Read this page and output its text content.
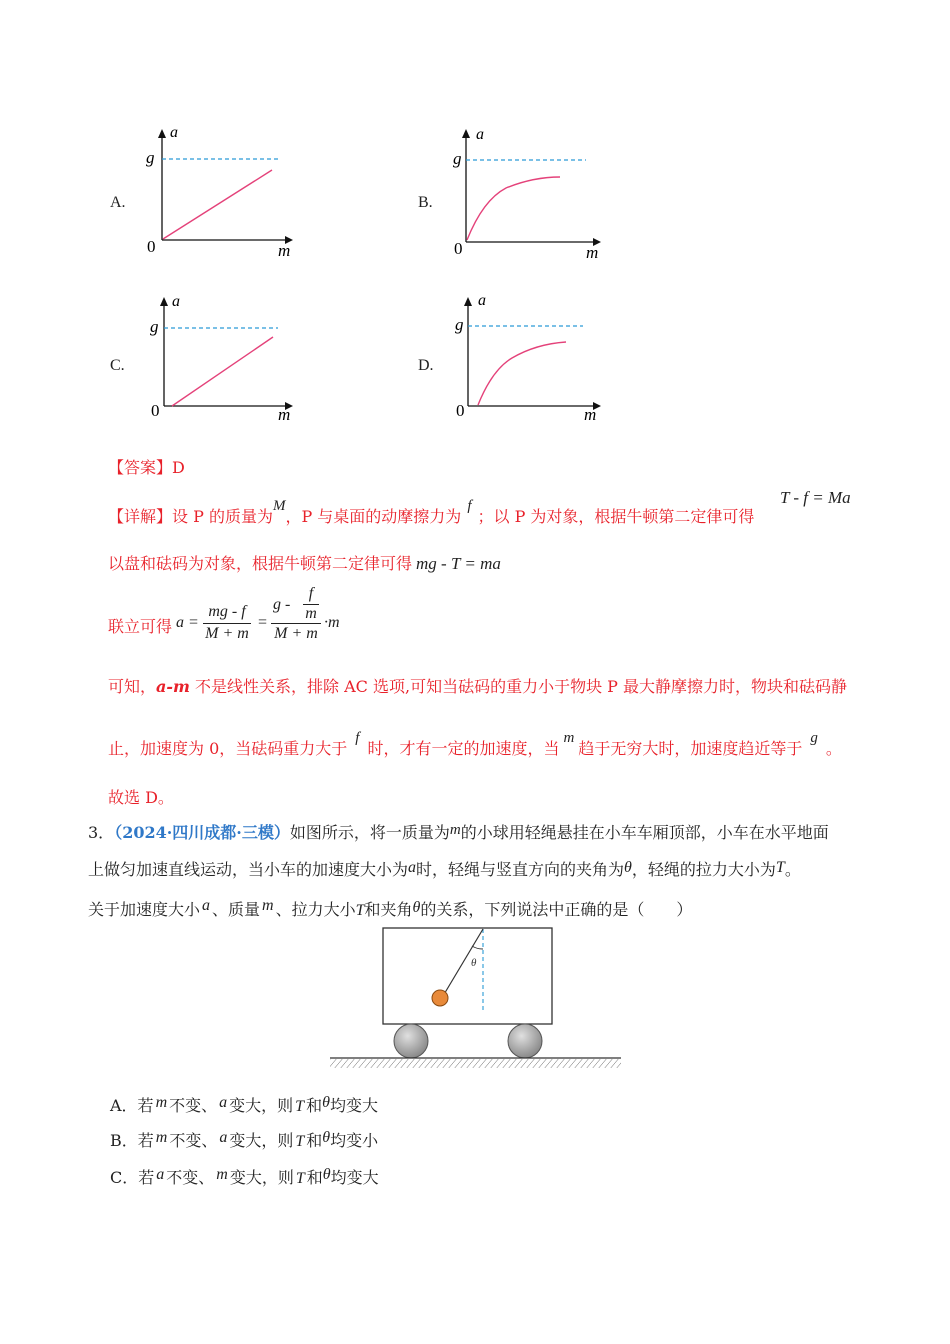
A.
a
g
0	m
B.
a
g
0	m
C.
a
g
0	m
D.
a
g
0	m
【答案】D
【详解】设 P 的质量为M，P 与桌面的动摩擦力为f；以 P 为对象，根据牛顿第二定律可得
T - f = Ma
以盘和砝码为对象，根据牛顿第二定律可得 mg - T = ma
联立可得 a =
mg - f
M + m
=
g -
f
m
M + m
·m
可知，a-m 不是线性关系，排除 AC 选项,可知当砝码的重力小于物块 P 最大静摩擦力时，物块和砝码静
止，加速度为 0，当砝码重力大于f时，才有一定的加速度，当m趋于无穷大时，加速度趋近等于g。
故选 D。
3．（2024·四川成都·三模）如图所示，将一质量为m的小球用轻绳悬挂在小车车厢顶部，小车在水平地面
上做匀加速直线运动，当小车的加速度大小为a时，轻绳与竖直方向的夹角为θ，轻绳的拉力大小为T。
关于加速度大小 a 、质量 m 、拉力大小T和夹角θ的关系，下列说法中正确的是（　　）
θ
A．若 m 不变、 a 变大，则 T 和θ均变大
B．若 m 不变、 a 变大，则 T 和θ均变小
C．若 a 不变、 m 变大，则 T 和θ均变大
